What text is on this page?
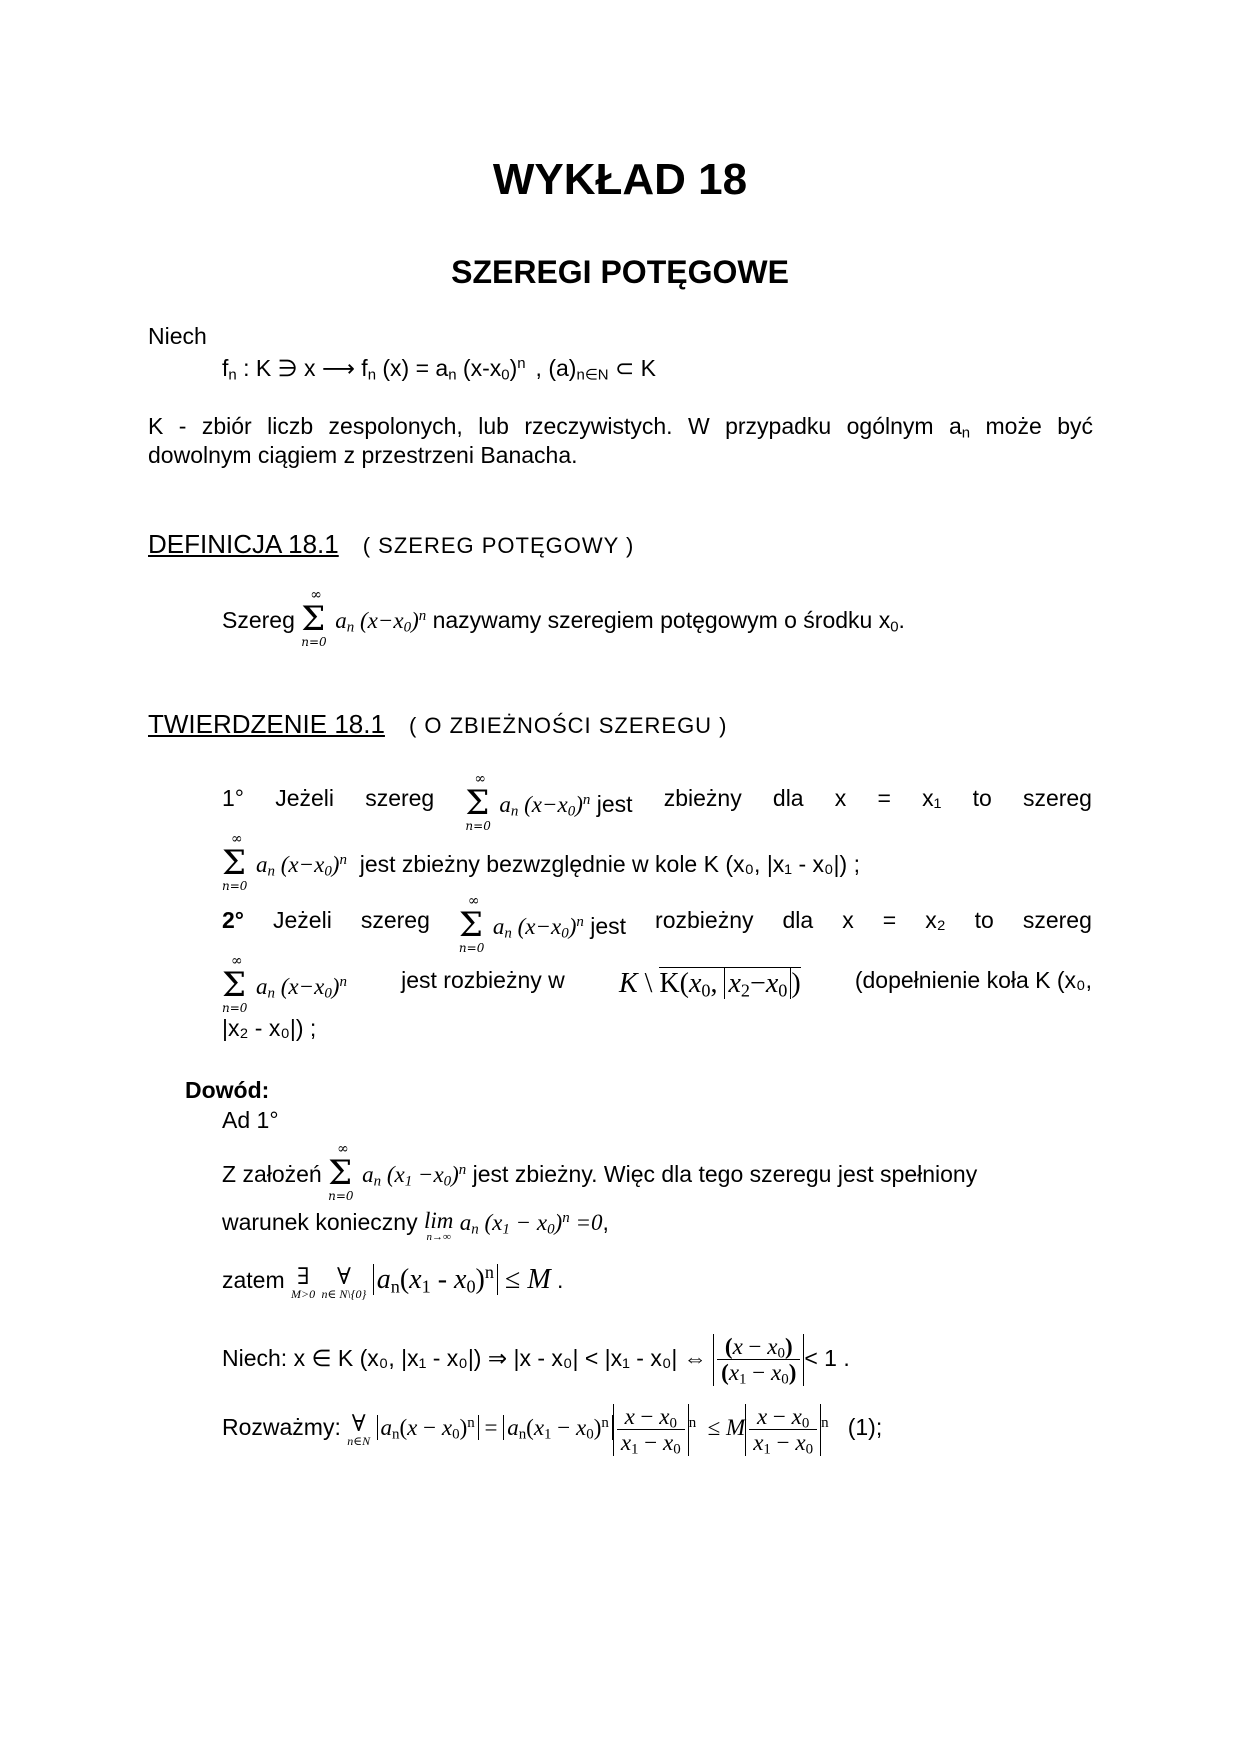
WYKŁAD 18
SZEREGI POTĘGOWE
Niech
$f_n$ : K ∋ x ⟶ $f_n$ $(x) = a_n$ $(x-x_0)^n$ , $(a)_{n\in N}$ ⊂ K
K - zbiór liczb zespolonych, lub rzeczywistych. W przypadku ogólnym $a_n$ może być dowolnym ciągiem z przestrzeni Banacha.
DEFINICJA 18.1 ( SZEREG POTĘGOWY )
Szereg Σ
∞
n=0
$a_n$ $(x-x_0)^n$ nazywamy szeregiem potęgowym o środku $x_0$.
TWIERDZENIE 18.1 ( O ZBIEŻNOŚCI SZEREGU )
1° Jeżeli szereg Σ
∞
n=0
$a_n$ $(x-x_0)^n$ jest zbieżny dla x = x₁ to szereg
Σ
∞
n=0
$a_n$ $(x-x_0)^n$ jest zbieżny bezwzględnie w kole K (x₀, |x₁ - x₀|) ;
2° Jeżeli szereg Σ
∞
n=0
$a_n$ $(x-x_0)^n$ jest rozbieżny dla x = x₂ to szereg
Σ
∞
n=0
$a_n$ $(x-x_0)^n$ jest rozbieżny w K \ $K(x_0$, $x_2-x_0$ ) (dopełnienie koła K (x₀,
|x₂ - x₀|) ;
Dowód:
Ad 1°
Z założeń Σ
∞
n=0
$a_n$ $(x_1 -x_0)^n$ jest zbieżny. Więc dla tego szeregu jest spełniony
warunek konieczny lim
n→∞
$a_n$ $(x_1 - x_0)^n =0$,
zatem ∃
M>0
∀
n∈ N\{0} $a_n(x_1 - x_0)^n \le M$ .
Niech: x ∈ K (x₀, |x₁ - x₀|) ⇒ |x - x₀| < |x₁ - x₀| ⇔ $\frac{(x - x_0)}{(x_1 - x_0)} < 1$ .
Rozważmy: ∀
n∈N
$a_n(x - x_0)^n = a_n(x_1 - x_0)^n \frac{x - x_0}{x_1 - x_0} ^n \le M \frac{x - x_0}{x_1 - x_0} ^n$ (1);
